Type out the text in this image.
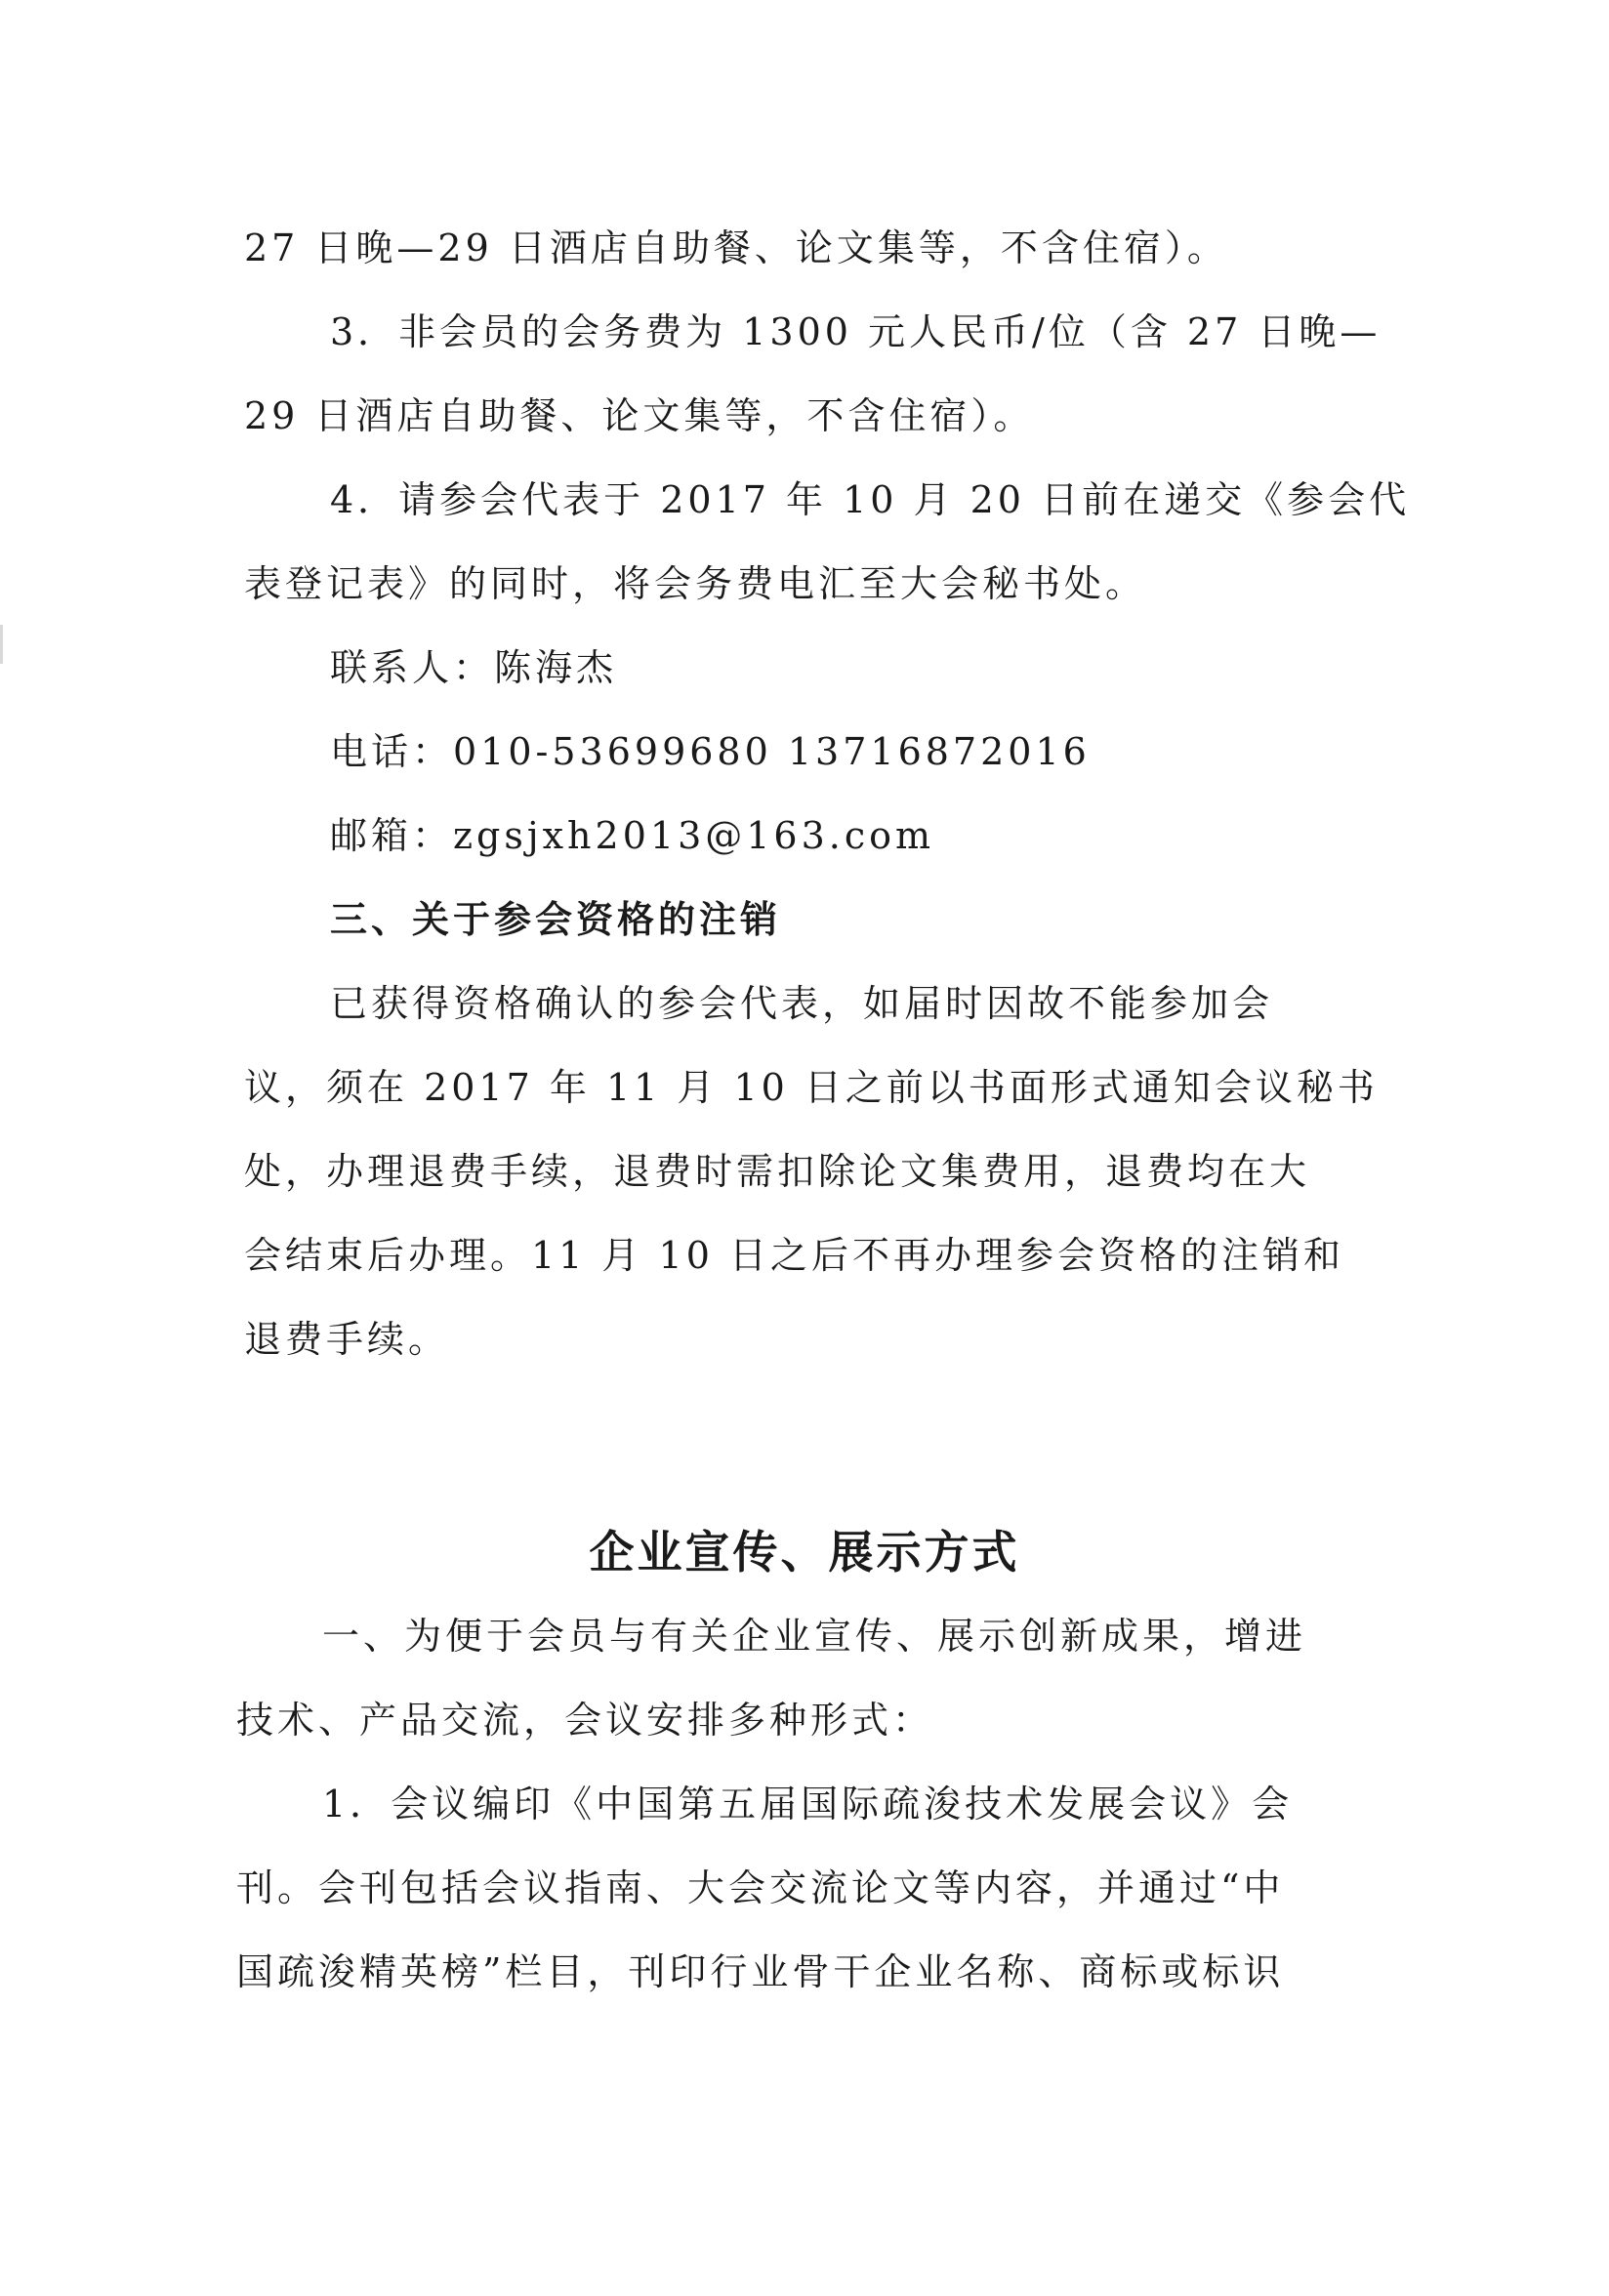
27 日晚—29 日酒店自助餐、论文集等，不含住宿）。

3．非会员的会务费为 1300 元人民币/位（含 27 日晚—

29 日酒店自助餐、论文集等，不含住宿）。

4．请参会代表于 2017 年 10 月 20 日前在递交《参会代

表登记表》的同时，将会务费电汇至大会秘书处。

联系人：陈海杰

电话：010-53699680 13716872016

邮箱：zgsjxh2013@163.com

三、关于参会资格的注销

已获得资格确认的参会代表，如届时因故不能参加会

议，须在 2017 年 11 月 10 日之前以书面形式通知会议秘书

处，办理退费手续，退费时需扣除论文集费用，退费均在大

会结束后办理。11 月 10 日之后不再办理参会资格的注销和

退费手续。

企业宣传、展示方式

一、为便于会员与有关企业宣传、展示创新成果，增进

技术、产品交流，会议安排多种形式：

1．会议编印《中国第五届国际疏浚技术发展会议》会

刊。会刊包括会议指南、大会交流论文等内容，并通过“中

国疏浚精英榜”栏目，刊印行业骨干企业名称、商标或标识
